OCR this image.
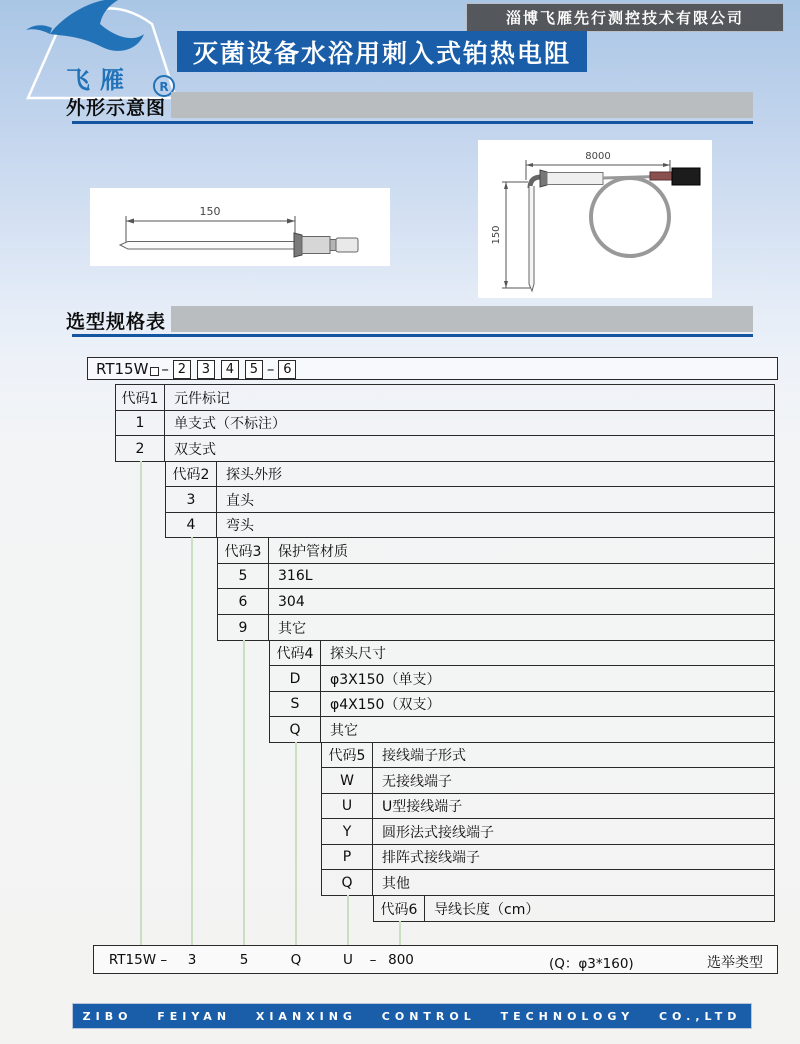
飞雁 R
淄博飞雁先行测控技术有限公司
灭菌设备水浴用刺入式铂热电阻
外形示意图
150
8000
150
选型规格表
RT15W – 2 3 4 5 – 6
代码1	元件标记
1	单支式（不标注）
2	双支式
代码2	探头外形
3	直头
4	弯头
代码3	保护管材质
5	316L
6	304
9	其它
代码4	探头尺寸
D	φ3X150（单支）
S	φ4X150（双支）
Q	其它
代码5	接线端子形式
W	无接线端子
U	U型接线端子
Y	圆形法式接线端子
P	排阵式接线端子
Q	其他
代码6	导线长度（cm）
(Q：φ3*160)	选举类型
RT15W – 3	5	Q	U – 800
ZIBO FEIYAN XIANXING CONTROL TECHNOLOGY CO.,LTD
